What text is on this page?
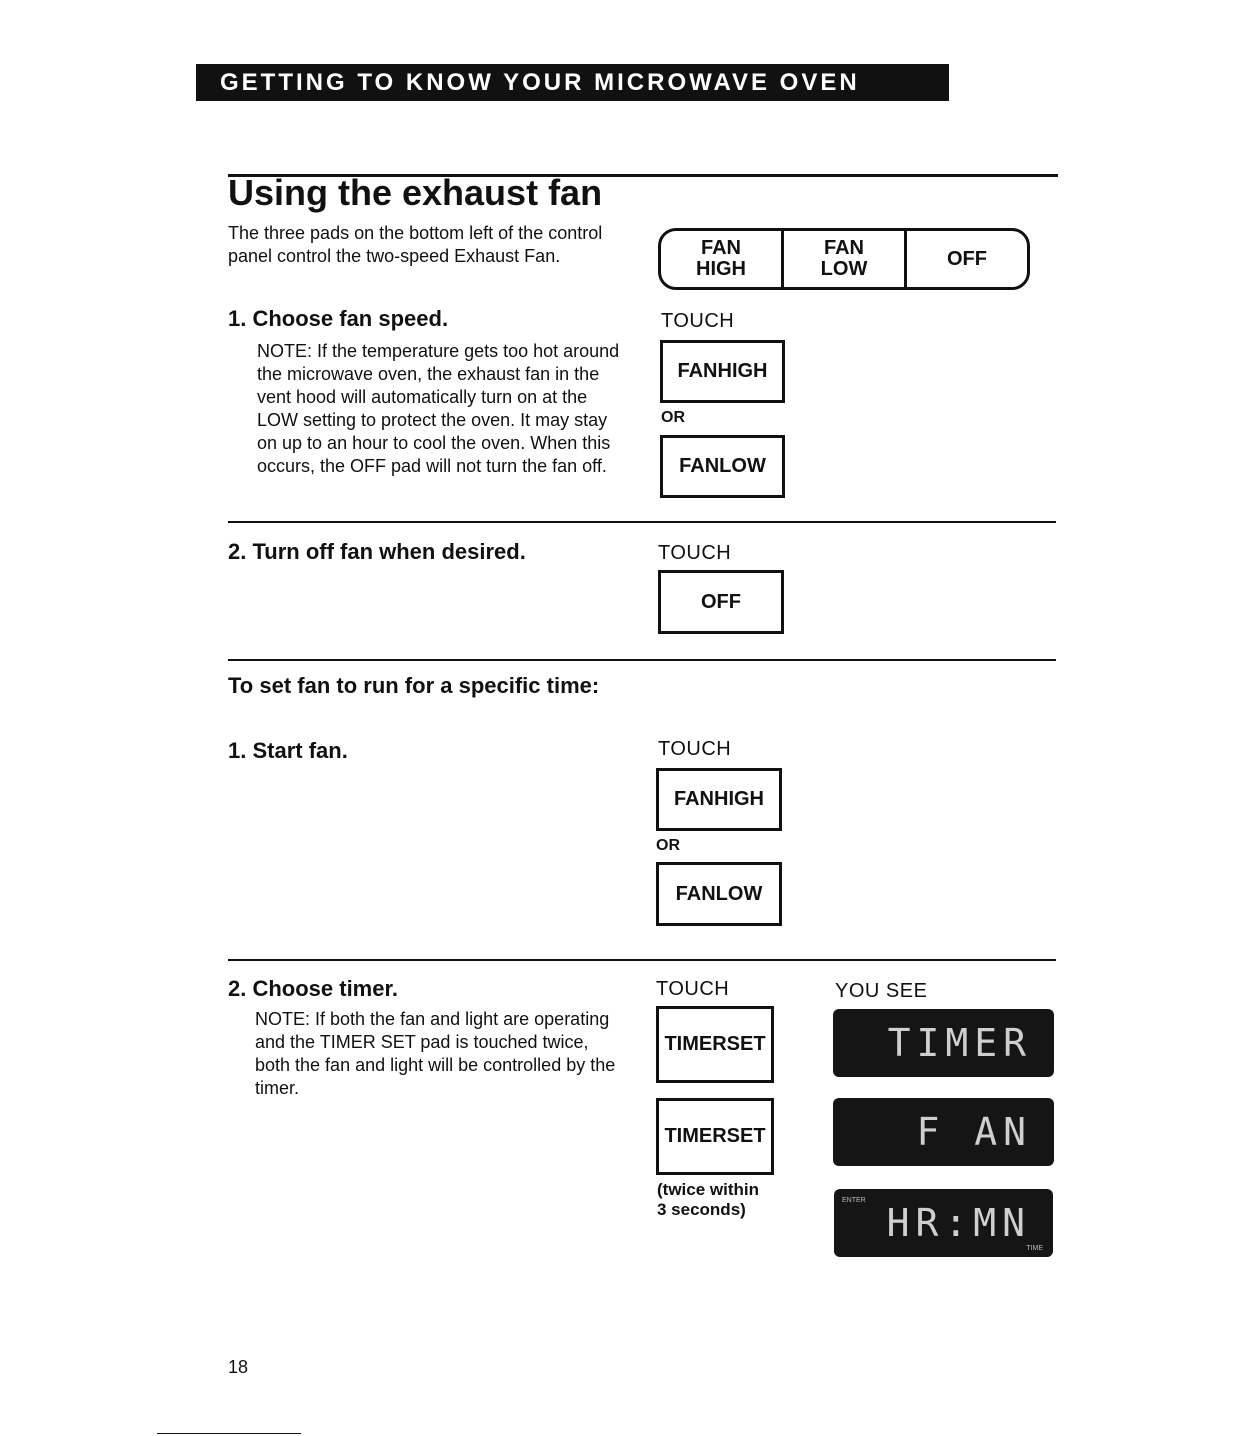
GETTING TO KNOW YOUR MICROWAVE OVEN
Using the exhaust fan
The three pads on the bottom left of the control panel control the two-speed Exhaust Fan.	FAN
HIGH
FAN
LOW	OFF
1. Choose fan speed.
NOTE: If the temperature gets too hot around the microwave oven, the exhaust fan in the vent hood will automatically turn on at the LOW setting to protect the oven. It may stay on up to an hour to cool the oven. When this occurs, the OFF pad will not turn the fan off.
TOUCH
FAN HIGH
OR
FAN LOW
2. Turn off fan when desired.	TOUCH
OFF
To set fan to run for a specific time:
1. Start fan.	TOUCH
FAN HIGH
OR
FAN LOW
2. Choose timer.
NOTE: If both the fan and light are operating and the TIMER SET pad is touched twice, both the fan and light will be controlled by the timer.
TOUCH	YOU SEE
TIMER SET
TIMER SET
(twice within
3 seconds)
TIMER
F AN
ENTER
HR:MN
TIME
18
